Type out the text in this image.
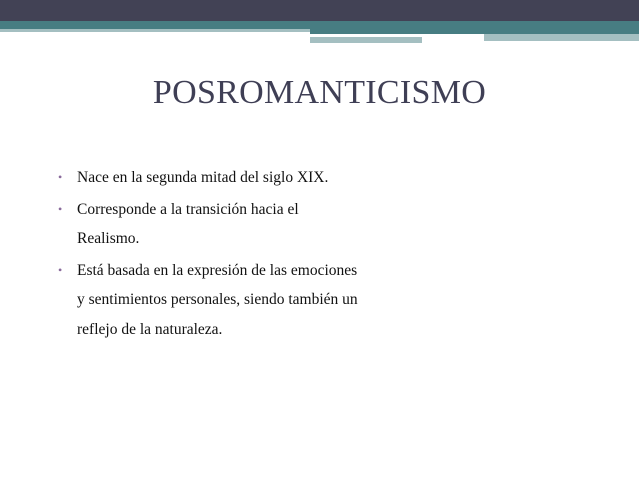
POSROMANTICISMO
• Nace en la segunda mitad del siglo XIX.
• Corresponde a la transición hacia el
Realismo.
• Está basada en la expresión de las emociones
y sentimientos personales, siendo también un
reflejo de la naturaleza.
